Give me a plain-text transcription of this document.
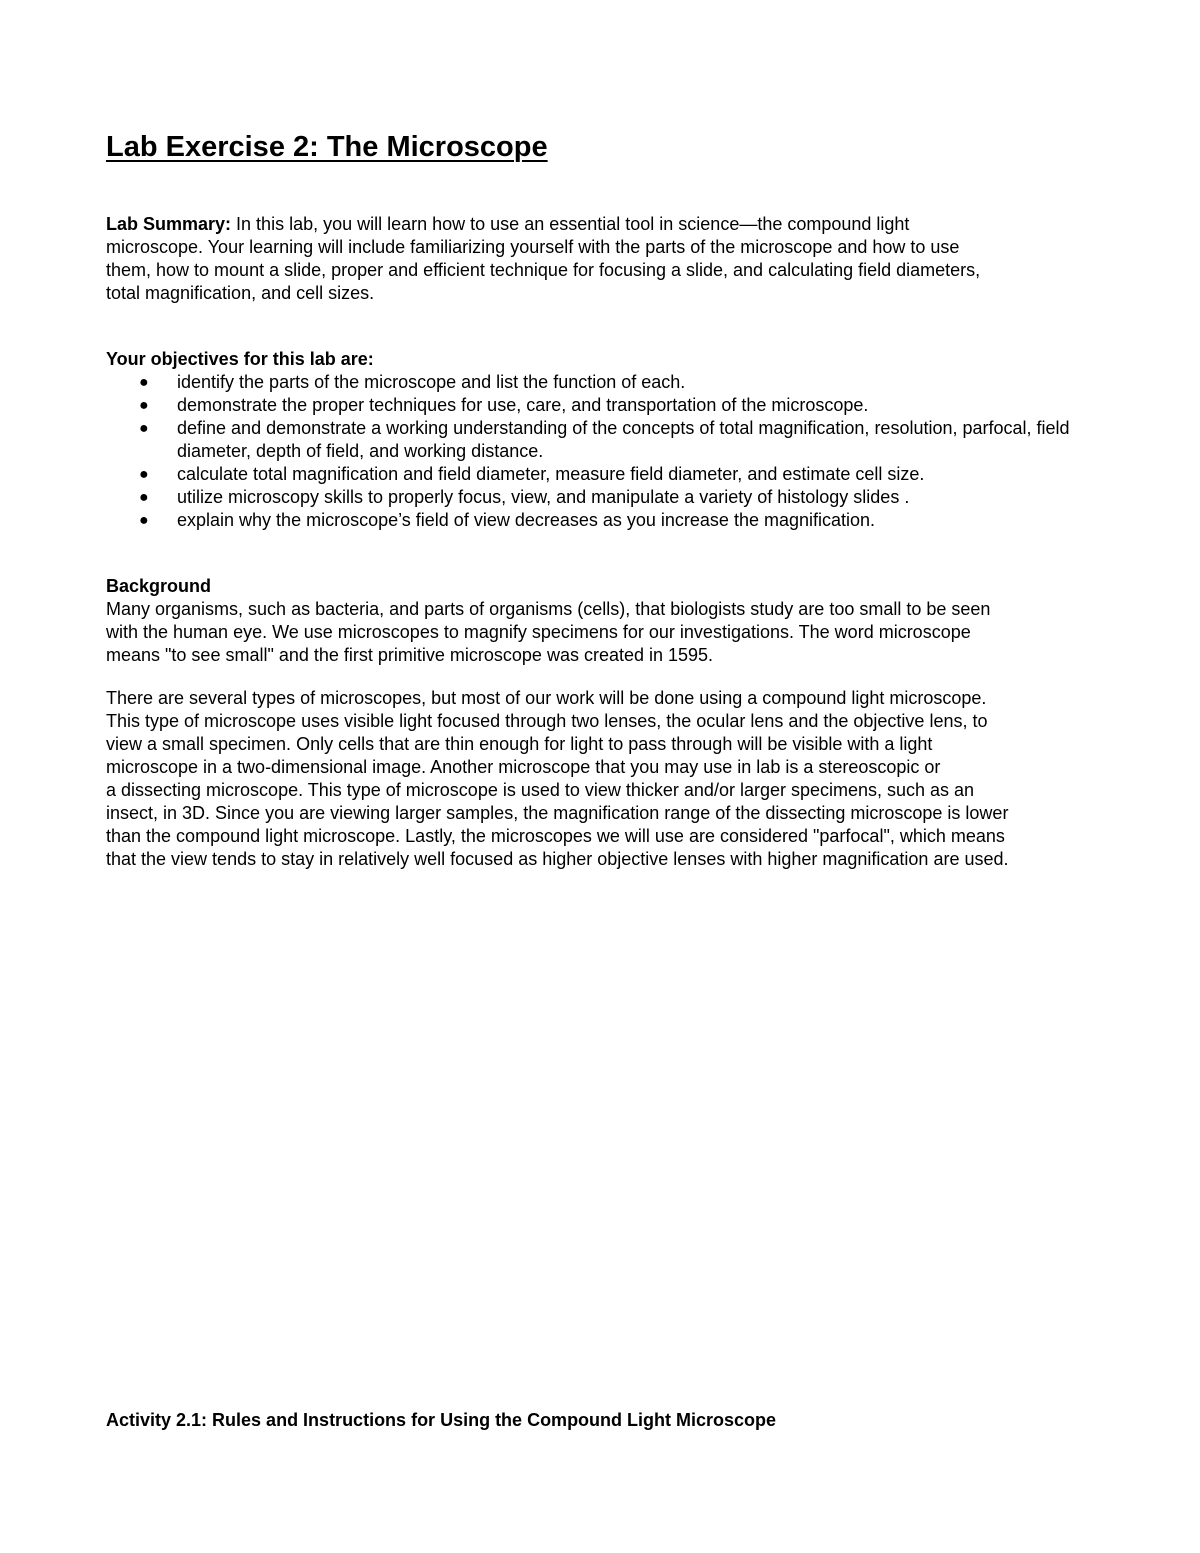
Lab Exercise 2: The Microscope
Lab Summary: In this lab, you will learn how to use an essential tool in science—the compound light
microscope. Your learning will include familiarizing yourself with the parts of the microscope and how to use
them, how to mount a slide, proper and efficient technique for focusing a slide, and calculating field diameters,
total magnification, and cell sizes.
Your objectives for this lab are:
● identify the parts of the microscope and list the function of each.
● demonstrate the proper techniques for use, care, and transportation of the microscope.
● define and demonstrate a working understanding of the concepts of total magnification, resolution, parfocal, field diameter, depth of field, and working distance.
● calculate total magnification and field diameter, measure field diameter, and estimate cell size.
● utilize microscopy skills to properly focus, view, and manipulate a variety of histology slides .
● explain why the microscope’s field of view decreases as you increase the magnification.
Background
Many organisms, such as bacteria, and parts of organisms (cells), that biologists study are too small to be seen
with the human eye. We use microscopes to magnify specimens for our investigations. The word microscope
means "to see small" and the first primitive microscope was created in 1595.
There are several types of microscopes, but most of our work will be done using a compound light microscope.
This type of microscope uses visible light focused through two lenses, the ocular lens and the objective lens, to
view a small specimen. Only cells that are thin enough for light to pass through will be visible with a light
microscope in a two-dimensional image. Another microscope that you may use in lab is a stereoscopic or
a dissecting microscope. This type of microscope is used to view thicker and/or larger specimens, such as an
insect, in 3D. Since you are viewing larger samples, the magnification range of the dissecting microscope is lower
than the compound light microscope. Lastly, the microscopes we will use are considered "parfocal", which means
that the view tends to stay in relatively well focused as higher objective lenses with higher magnification are used.
Activity 2.1: Rules and Instructions for Using the Compound Light Microscope
